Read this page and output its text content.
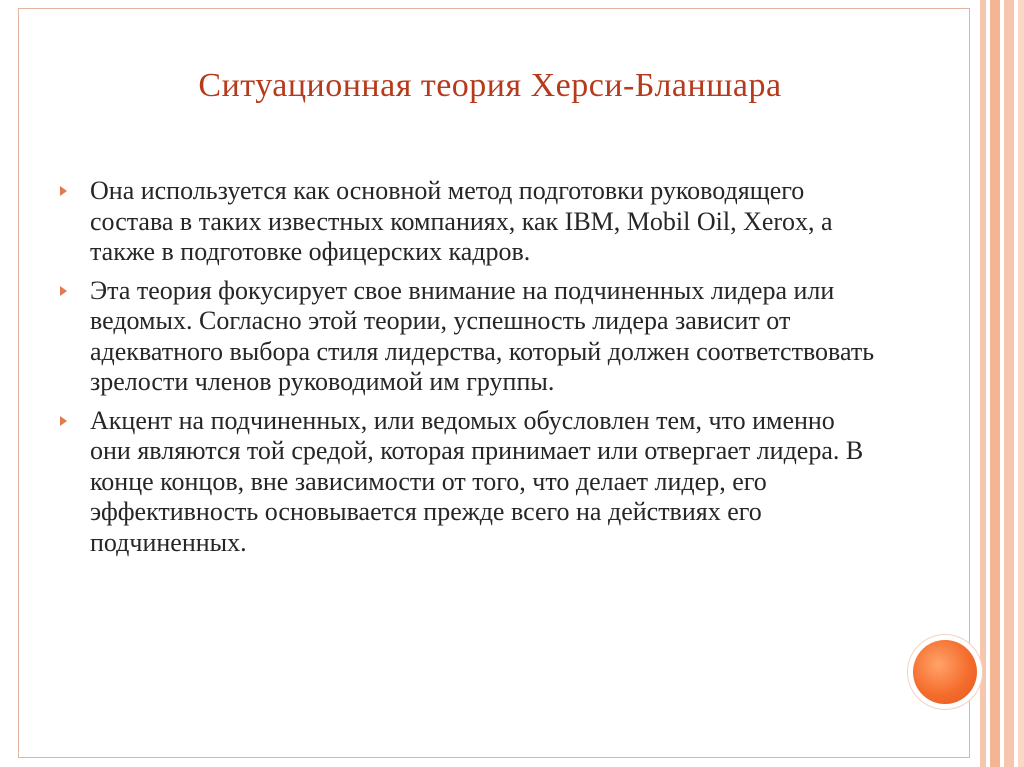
Ситуационная теория Херси-Бланшара
Она используется как основной метод подготовки руководящего состава в таких известных компаниях, как IBM, Mobil Oil, Xerox, а также в подготовке офицерских кадров.
Эта теория фокусирует свое внимание на подчиненных лидера или ведомых. Согласно этой теории, успешность лидера зависит от адекватного выбора стиля лидерства, который должен соответствовать зрелости членов руководимой им группы.
Акцент на подчиненных, или ведомых обусловлен тем, что именно они являются той средой, которая принимает или отвергает лидера. В конце концов, вне зависимости от того, что делает лидер, его эффективность основывается прежде всего на действиях его подчиненных.
